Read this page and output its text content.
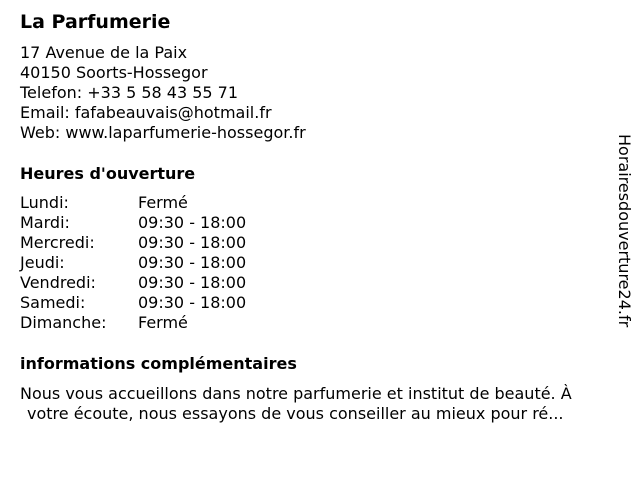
La Parfumerie
17 Avenue de la Paix
40150 Soorts-Hossegor
Telefon: +33 5 58 43 55 71
Email: fafabeauvais@hotmail.fr
Web: www.laparfumerie-hossegor.fr
Heures d'ouverture
Lundi:	Fermé
Mardi:	09:30 - 18:00
Mercredi:	09:30 - 18:00
Jeudi:	09:30 - 18:00
Vendredi:	09:30 - 18:00
Samedi:	09:30 - 18:00
Dimanche: Fermé
informations complémentaires
Nous vous accueillons dans notre parfumerie et institut de beauté. À
votre écoute, nous essayons de vous conseiller au mieux pour ré...
Horairesdouverture24.fr
